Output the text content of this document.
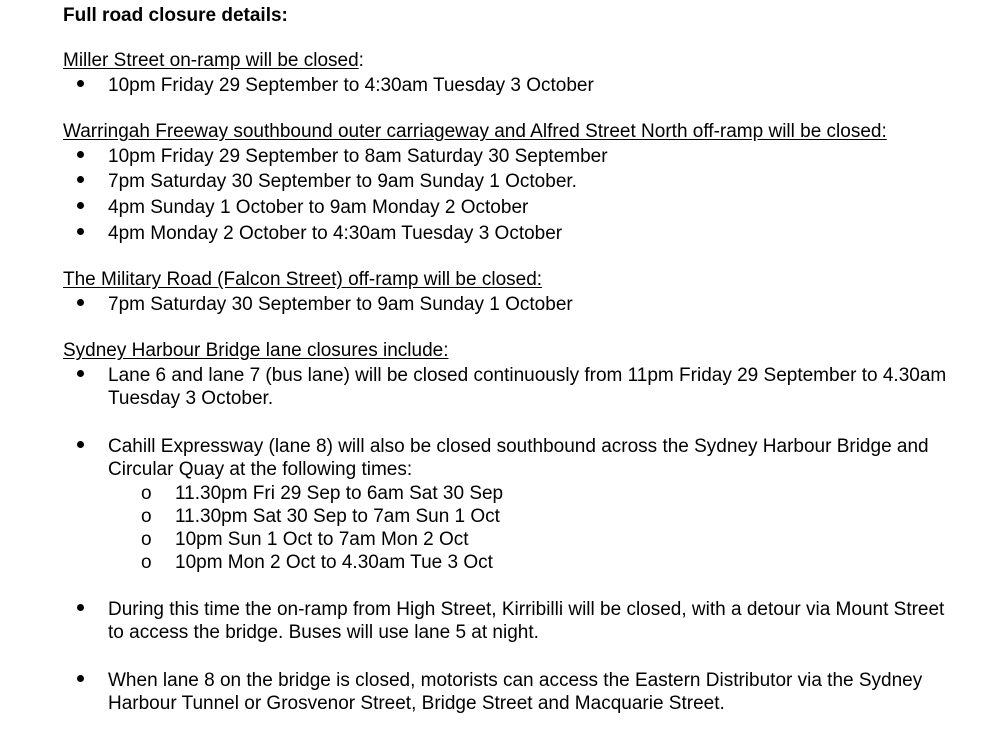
Full road closure details:
Miller Street on-ramp will be closed:
10pm Friday 29 September to 4:30am Tuesday 3 October
Warringah Freeway southbound outer carriageway and Alfred Street North off-ramp will be closed:
10pm Friday 29 September to 8am Saturday 30 September
7pm Saturday 30 September to 9am Sunday 1 October.
4pm Sunday 1 October to 9am Monday 2 October
4pm Monday 2 October to 4:30am Tuesday 3 October
The Military Road (Falcon Street) off-ramp will be closed:
7pm Saturday 30 September to 9am Sunday 1 October
Sydney Harbour Bridge lane closures include:
Lane 6 and lane 7 (bus lane) will be closed continuously from 11pm Friday 29 September to 4.30am Tuesday 3 October.
Cahill Expressway (lane 8) will also be closed southbound across the Sydney Harbour Bridge and Circular Quay at the following times:
o 11.30pm Fri 29 Sep to 6am Sat 30 Sep
o 11.30pm Sat 30 Sep to 7am Sun 1 Oct
o 10pm Sun 1 Oct to 7am Mon 2 Oct
o 10pm Mon 2 Oct to 4.30am Tue 3 Oct
During this time the on-ramp from High Street, Kirribilli will be closed, with a detour via Mount Street to access the bridge. Buses will use lane 5 at night.
When lane 8 on the bridge is closed, motorists can access the Eastern Distributor via the Sydney Harbour Tunnel or Grosvenor Street, Bridge Street and Macquarie Street.
